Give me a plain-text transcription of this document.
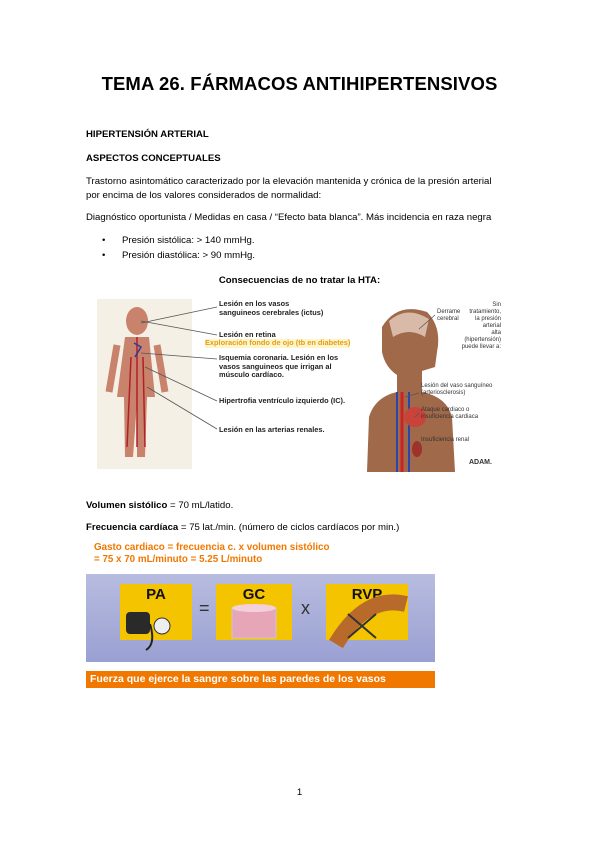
TEMA 26. FÁRMACOS ANTIHIPERTENSIVOS
HIPERTENSIÓN ARTERIAL
ASPECTOS CONCEPTUALES
Trastorno asintomático caracterizado por la elevación mantenida y crónica de la presión arterial
por encima de los valores considerados de normalidad:
Diagnóstico oportunista / Medidas en casa / “Efecto bata blanca”. Más incidencia en raza negra
• Presión sistólica: > 140 mmHg.
• Presión diastólica: > 90 mmHg.
Consecuencias de no tratar la HTA:
Lesión en los vasos
sanguineos cerebrales (ictus)
Lesión en retina
Exploración fondo de ojo (tb en diabetes)
Isquemia coronaria. Lesión en los
vasos sanguineos que irrigan al
músculo cardíaco.
Hipertrofia ventrículo izquierdo (IC).
Lesión en las arterias renales.
Derrame
cerebral
Sin tratamiento,
la presión arterial
alta (hipertensión)
puede llevar a:
Lesión del vaso sanguíneo
(arteriosclerosis)
Ataque cardiaco o
insuficiencia cardiaca
Insuficiencia renal
ADAM.
Volumen sistólico = 70 mL/latido.
Frecuencia cardíaca = 75 lat./min. (número de ciclos cardíacos por min.)
Gasto cardiaco = frecuencia c. x volumen sistólico
= 75 x 70 mL/minuto = 5.25 L/minuto
PA
=
GC
x
RVP
Fuerza que ejerce la sangre sobre las paredes de los vasos
1
